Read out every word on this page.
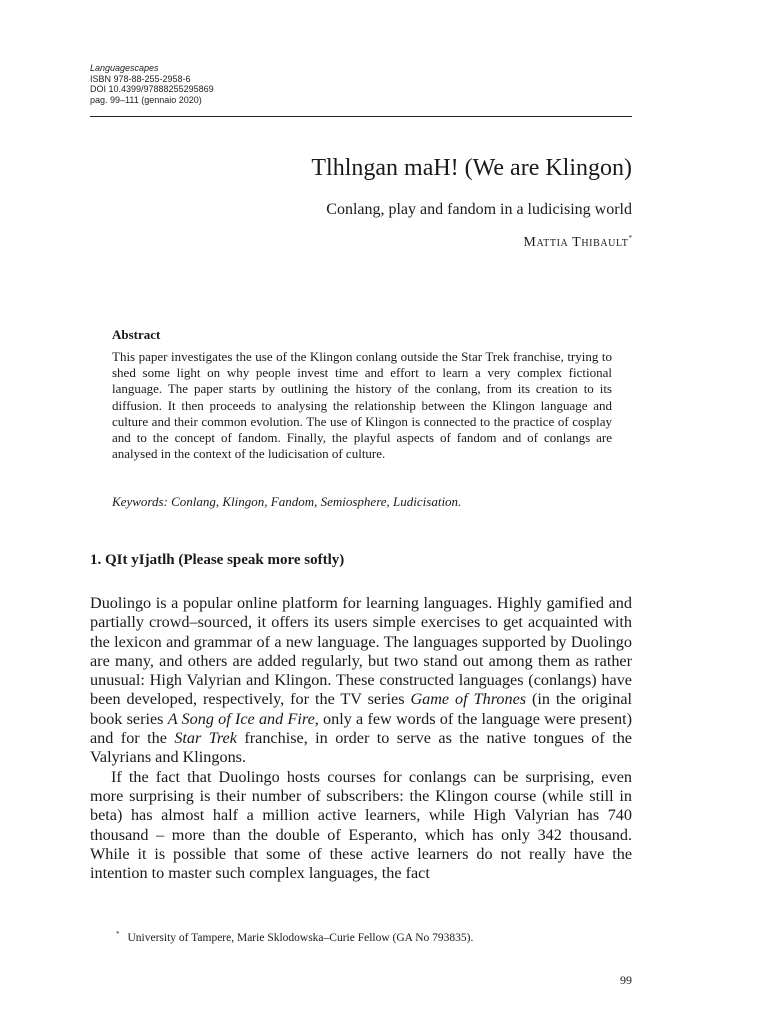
Languagescapes
ISBN 978-88-255-2958-6
DOI 10.4399/97888255295869
pag. 99–111 (gennaio 2020)
Tlhlngan maH! (We are Klingon)
Conlang, play and fandom in a ludicising world
Mattia Thibault*
Abstract
This paper investigates the use of the Klingon conlang outside the Star Trek franchise, trying to shed some light on why people invest time and effort to learn a very complex fictional language. The paper starts by outlining the history of the conlang, from its creation to its diffusion. It then proceeds to analysing the relationship between the Klingon language and culture and their common evolution. The use of Klingon is connected to the practice of cosplay and to the concept of fandom. Finally, the playful aspects of fandom and of conlangs are analysed in the context of the ludicisation of culture.
Keywords: Conlang, Klingon, Fandom, Semiosphere, Ludicisation.
1. QIt yIjatlh (Please speak more softly)

Duolingo is a popular online platform for learning languages. Highly gamified and partially crowd–sourced, it offers its users simple exercises to get acquainted with the lexicon and grammar of a new language. The languages supported by Duolingo are many, and others are added regularly, but two stand out among them as rather unusual: High Valyrian and Klingon. These constructed languages (conlangs) have been developed, respectively, for the TV series Game of Thrones (in the original book series A Song of Ice and Fire, only a few words of the language were present) and for the Star Trek franchise, in order to serve as the native tongues of the Valyrians and Klingons.

If the fact that Duolingo hosts courses for conlangs can be surprising, even more surprising is their number of subscribers: the Klingon course (while still in beta) has almost half a million active learners, while High Valyrian has 740 thousand – more than the double of Esperanto, which has only 342 thousand. While it is possible that some of these active learners do not really have the intention to master such complex languages, the fact

* University of Tampere, Marie Sklodowska–Curie Fellow (GA No 793835).
99
